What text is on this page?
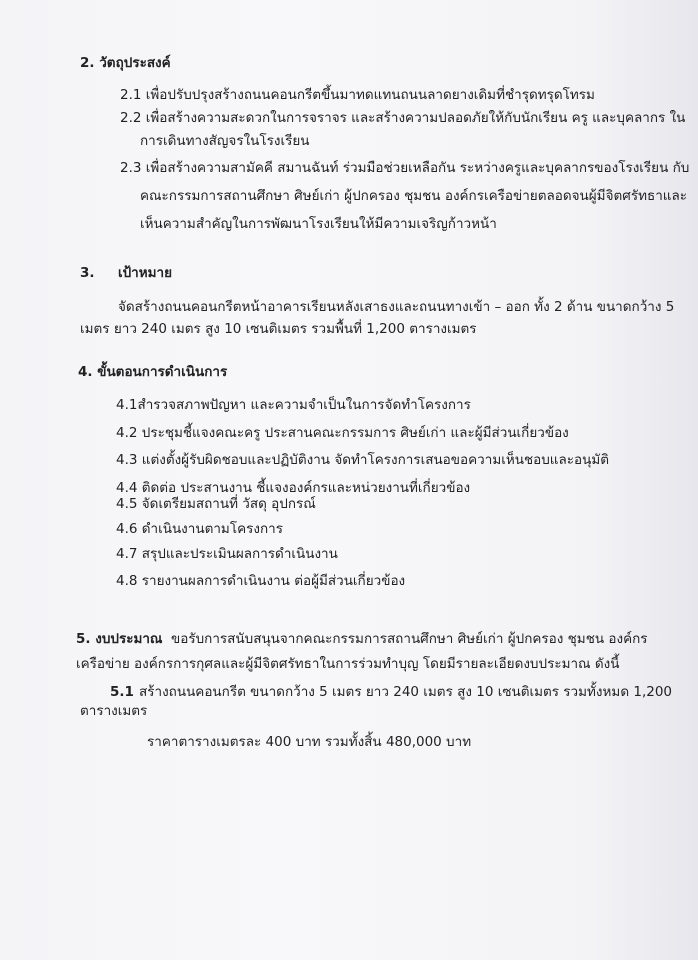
2. วัตถุประสงค์
2.1 เพื่อปรับปรุงสร้างถนนคอนกรีตขึ้นมาทดแทนถนนลาดยางเดิมที่ชำรุดทรุดโทรม
2.2 เพื่อสร้างความสะดวกในการจราจร และสร้างความปลอดภัยให้กับนักเรียน ครู และบุคลากร ใน
การเดินทางสัญจรในโรงเรียน
2.3 เพื่อสร้างความสามัคคี สมานฉันท์ ร่วมมือช่วยเหลือกัน ระหว่างครูและบุคลากรของโรงเรียน กับ
คณะกรรมการสถานศึกษา ศิษย์เก่า ผู้ปกครอง ชุมชน องค์กรเครือข่ายตลอดจนผู้มีจิตศรัทธาและ
เห็นความสำคัญในการพัฒนาโรงเรียนให้มีความเจริญก้าวหน้า
3. เป้าหมาย
จัดสร้างถนนคอนกรีตหน้าอาคารเรียนหลังเสาธงและถนนทางเข้า – ออก ทั้ง 2 ด้าน ขนาดกว้าง 5
เมตร ยาว 240 เมตร สูง 10 เซนติเมตร รวมพื้นที่ 1,200 ตารางเมตร
4. ขั้นตอนการดำเนินการ
4.1สำรวจสภาพปัญหา และความจำเป็นในการจัดทำโครงการ
4.2 ประชุมชี้แจงคณะครู ประสานคณะกรรมการ ศิษย์เก่า และผู้มีส่วนเกี่ยวข้อง
4.3 แต่งตั้งผู้รับผิดชอบและปฏิบัติงาน จัดทำโครงการเสนอขอความเห็นชอบและอนุมัติ
4.4 ติดต่อ ประสานงาน ชี้แจงองค์กรและหน่วยงานที่เกี่ยวข้อง
4.5 จัดเตรียมสถานที่ วัสดุ อุปกรณ์
4.6 ดำเนินงานตามโครงการ
4.7 สรุปและประเมินผลการดำเนินงาน
4.8 รายงานผลการดำเนินงาน ต่อผู้มีส่วนเกี่ยวข้อง
5. งบประมาณ ขอรับการสนับสนุนจากคณะกรรมการสถานศึกษา ศิษย์เก่า ผู้ปกครอง ชุมชน องค์กร
เครือข่าย องค์กรการกุศลและผู้มีจิตศรัทธาในการร่วมทำบุญ โดยมีรายละเอียดงบประมาณ ดังนี้
5.1 สร้างถนนคอนกรีต ขนาดกว้าง 5 เมตร ยาว 240 เมตร สูง 10 เซนติเมตร รวมทั้งหมด 1,200
ตารางเมตร
ราคาตารางเมตรละ 400 บาท รวมทั้งสิ้น 480,000 บาท
